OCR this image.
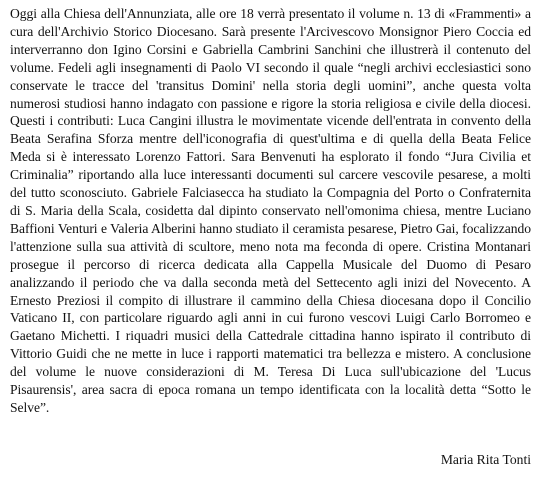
Oggi alla Chiesa dell'Annunziata, alle ore 18 verrà presentato il volume n. 13 di «Frammenti» a cura dell'Archivio Storico Diocesano. Sarà presente l'Arcivescovo Monsignor Piero Coccia ed interverranno don Igino Corsini e Gabriella Cambrini Sanchini che illustrerà il contenuto del volume. Fedeli agli insegnamenti di Paolo VI secondo il quale “negli archivi ecclesiastici sono conservate le tracce del 'transitus Domini' nella storia degli uomini”, anche questa volta numerosi studiosi hanno indagato con passione e rigore la storia religiosa e civile della diocesi. Questi i contributi: Luca Cangini illustra le movimentate vicende dell'entrata in convento della Beata Serafina Sforza mentre dell'iconografia di quest'ultima e di quella della Beata Felice Meda si è interessato Lorenzo Fattori. Sara Benvenuti ha esplorato il fondo “Jura Civilia et Criminalia” riportando alla luce interessanti documenti sul carcere vescovile pesarese, a molti del tutto sconosciuto. Gabriele Falciasecca ha studiato la Compagnia del Porto o Confraternita di S. Maria della Scala, cosidetta dal dipinto conservato nell'omonima chiesa, mentre Luciano Baffioni Venturi e Valeria Alberini hanno studiato il ceramista pesarese, Pietro Gai, focalizzando l'attenzione sulla sua attività di scultore, meno nota ma feconda di opere. Cristina Montanari prosegue il percorso di ricerca dedicata alla Cappella Musicale del Duomo di Pesaro analizzando il periodo che va dalla seconda metà del Settecento agli inizi del Novecento. A Ernesto Preziosi il compito di illustrare il cammino della Chiesa diocesana dopo il Concilio Vaticano II, con particolare riguardo agli anni in cui furono vescovi Luigi Carlo Borromeo e Gaetano Michetti. I riquadri musici della Cattedrale cittadina hanno ispirato il contributo di Vittorio Guidi che ne mette in luce i rapporti matematici tra bellezza e mistero. A conclusione del volume le nuove considerazioni di M. Teresa Di Luca sull'ubicazione del 'Lucus Pisaurensis', area sacra di epoca romana un tempo identificata con la località detta “Sotto le Selve”.

Maria Rita Tonti
